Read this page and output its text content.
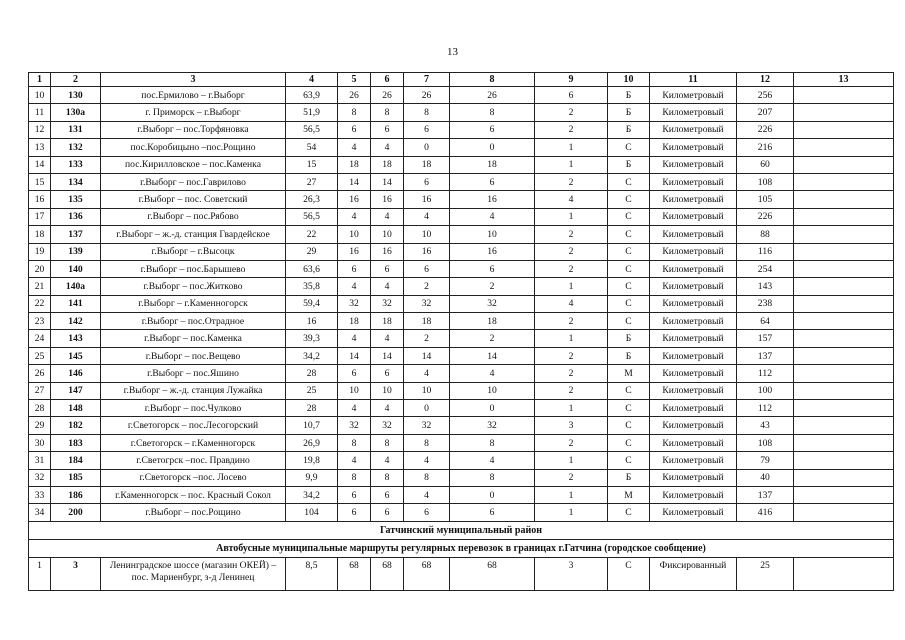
13
1	2	3	4	5	6	7	8	9	10	11	12	13
10	130	пос.Ермилово – г.Выборг	63,9	26	26	26	26	6	Б	Километровый	256	
11	130а	г. Приморск – г.Выборг	51,9	8	8	8	8	2	Б	Километровый	207	
12	131	г.Выборг – пос.Торфяновка	56,5	6	6	6	6	2	Б	Километровый	226	
13	132	пос.Коробицыно –пос.Рощино	54	4	4	0	0	1	С	Километровый	216	
14	133	пос.Кирилловское – пос.Каменка	15	18	18	18	18	1	Б	Километровый	60	
15	134	г.Выборг – пос.Гаврилово	27	14	14	6	6	2	С	Километровый	108	
16	135	г.Выборг – пос. Советский	26,3	16	16	16	16	4	С	Километровый	105	
17	136	г.Выборг – пос.Рябово	56,5	4	4	4	4	1	С	Километровый	226	
18	137	г.Выборг – ж.-д. станция Гвардейское	22	10	10	10	10	2	С	Километровый	88	
19	139	г.Выборг – г.Высоцк	29	16	16	16	16	2	С	Километровый	116	
20	140	г.Выборг – пос.Барышево	63,6	6	6	6	6	2	С	Километровый	254	
21	140а	г.Выборг – пос.Житково	35,8	4	4	2	2	1	С	Километровый	143	
22	141	г.Выборг – г.Каменногорск	59,4	32	32	32	32	4	С	Километровый	238	
23	142	г.Выборг – пос.Отрадное	16	18	18	18	18	2	С	Километровый	64	
24	143	г.Выборг – пос.Каменка	39,3	4	4	2	2	1	Б	Километровый	157	
25	145	г.Выборг – пос.Вещево	34,2	14	14	14	14	2	Б	Километровый	137	
26	146	г.Выборг – пос.Яшино	28	6	6	4	4	2	М	Километровый	112	
27	147	г.Выборг – ж.-д. станция Лужайка	25	10	10	10	10	2	С	Километровый	100	
28	148	г.Выборг – пос.Чулково	28	4	4	0	0	1	С	Километровый	112	
29	182	г.Светогорск – пос.Лесогорский	10,7	32	32	32	32	3	С	Километровый	43	
30	183	г.Светогорск – г.Каменногорск	26,9	8	8	8	8	2	С	Километровый	108	
31	184	г.Светогрск –пос. Правдино	19,8	4	4	4	4	1	С	Километровый	79	
32	185	г.Светогорск –пос. Лосево	9,9	8	8	8	8	2	Б	Километровый	40	
33	186	г.Каменногорск – пос. Красный Сокол	34,2	6	6	4	0	1	М	Километровый	137	
34	200	г.Выборг – пос.Рощино	104	6	6	6	6	1	С	Километровый	416	
Гатчинский муниципальный район												
Автобусные муниципальные маршруты регулярных перевозок в границах г.Гатчина (городское сообщение)												
1	3	Ленинградское шоссе (магазин ОКЕЙ) – пос. Мариенбург, з-д Ленинец	8,5	68	68	68	68	3	С	Фиксированный	25	
